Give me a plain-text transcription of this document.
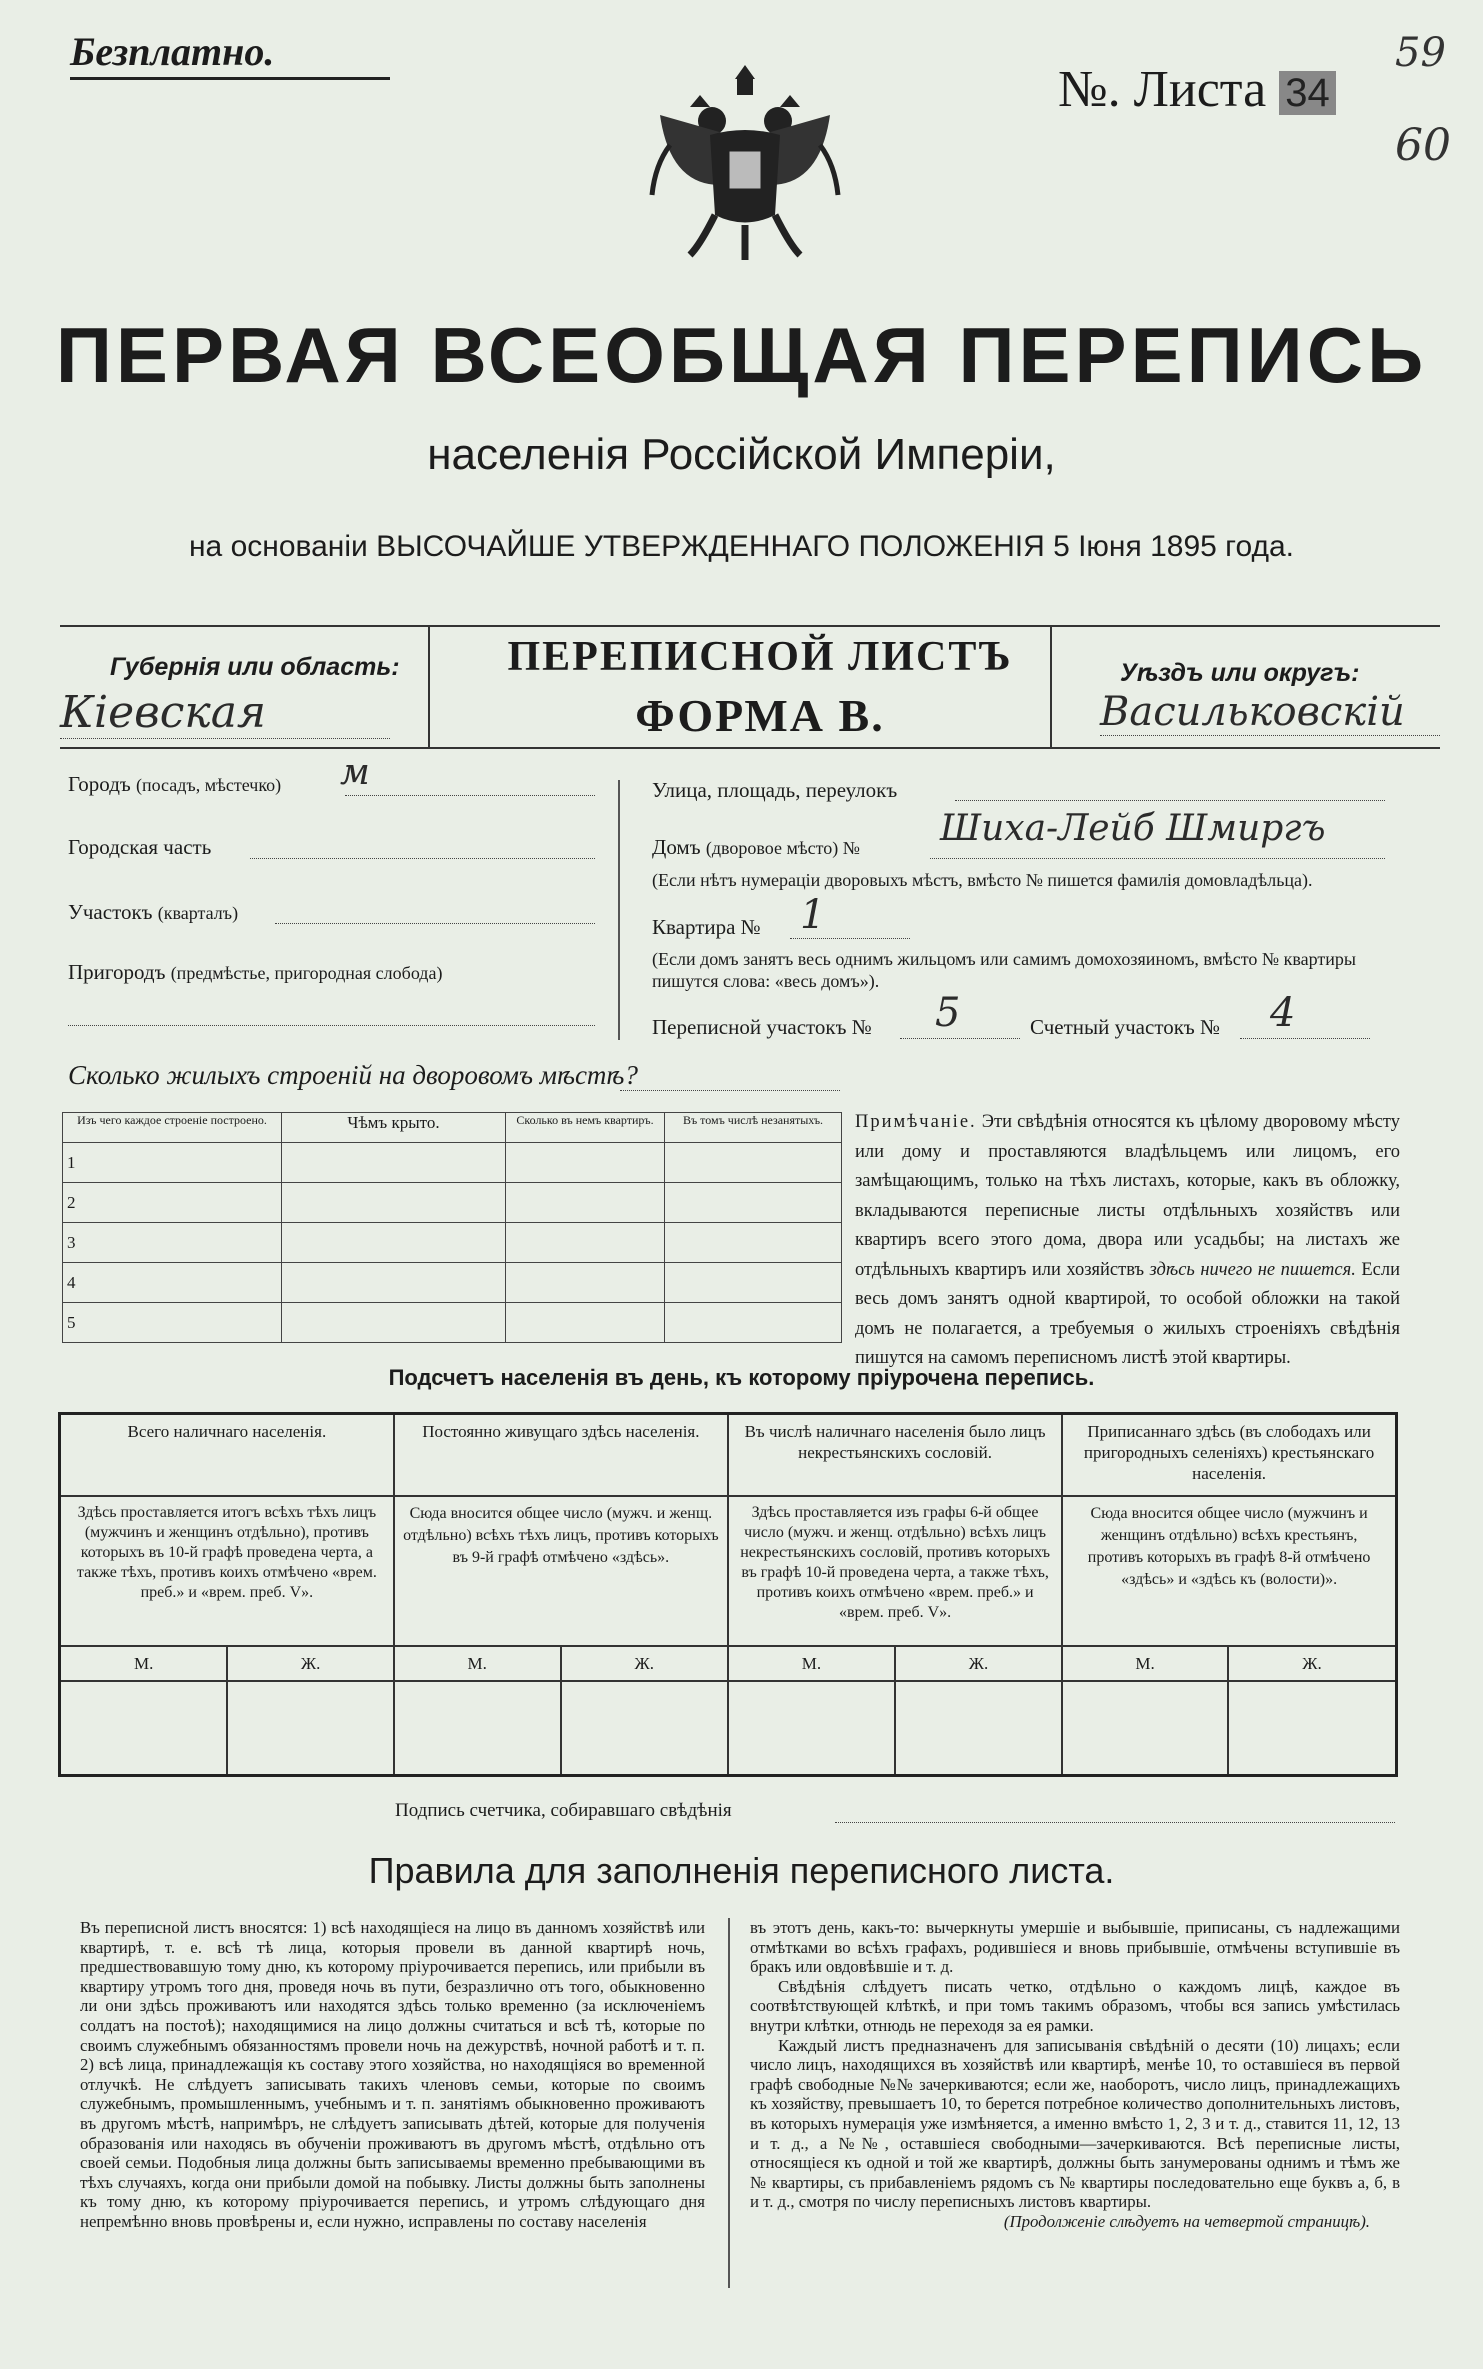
Безплатно.
№. Листа 34
59
60
ПЕРВАЯ ВСЕОБЩАЯ ПЕРЕПИСЬ
населенія Россійской Имперіи,
на основаніи ВЫСОЧАЙШЕ УТВЕРЖДЕННАГО ПОЛОЖЕНІЯ 5 Іюня 1895 года.
Губернія или область:
Кіевская
ПЕРЕПИСНОЙ ЛИСТЪ
ФОРМА В.
Уѣздъ или округъ:
Васильковскій
Городъ (посадъ, мѣстечко) м
Городская часть
Участокъ (кварталъ)
Пригородъ (предмѣстье, пригородная слобода)
Улица, площадь, переулокъ
Домъ (дворовое мѣсто) № Шиха-Лейб Шмиргъ
(Если нѣтъ нумераціи дворовыхъ мѣстъ, вмѣсто № пишется фамилія домовладѣльца).
Квартира № 1
(Если домъ занятъ весь однимъ жильцомъ или самимъ домохозяиномъ, вмѣсто № квартиры пишутся слова: «весь домъ»).
Переписной участокъ № 5	Счетный участокъ № 4
Сколько жилыхъ строеній на дворовомъ мѣстѣ?
Изъ чего каждое строеніе построено.	Чѣмъ крыто.	Сколько въ немъ квартиръ.	Въ томъ числѣ незанятыхъ.
1			
2			
3			
4			
5			
Примѣчаніе. Эти свѣдѣнія относятся къ цѣлому дворовому мѣсту или дому и проставляются владѣльцемъ или лицомъ, его замѣщающимъ, только на тѣхъ листахъ, которые, какъ въ обложку, вкладываются переписные листы отдѣльныхъ хозяйствъ или квартиръ всего этого дома, двора или усадьбы; на листахъ же отдѣльныхъ квартиръ или хозяйствъ здѣсь ничего не пишется. Если весь домъ занятъ одной квартирой, то особой обложки на такой домъ не полагается, а требуемыя о жилыхъ строеніяхъ свѣдѣнія пишутся на самомъ переписномъ листѣ этой квартиры.
Подсчетъ населенія въ день, къ которому пріурочена перепись.
Всего наличнаго населенія.		Постоянно живущаго здѣсь населенія.		Въ числѣ наличнаго населенія было лицъ некрестьянскихъ сословій.		Приписаннаго здѣсь (въ слободахъ или пригородныхъ селеніяхъ) крестьянскаго населенія.	
Здѣсь проставляется итогъ всѣхъ тѣхъ лицъ (мужчинъ и женщинъ отдѣльно), противъ которыхъ въ 10-й графѣ проведена черта, а также тѣхъ, противъ коихъ отмѣчено «врем. преб.» и «врем. преб. V».		Сюда вносится общее число (мужч. и женщ. отдѣльно) всѣхъ тѣхъ лицъ, противъ которыхъ въ 9-й графѣ отмѣчено «здѣсь».		Здѣсь проставляется изъ графы 6-й общее число (мужч. и женщ. отдѣльно) всѣхъ лицъ некрестьянскихъ сословій, противъ которыхъ въ графѣ 10-й проведена черта, а также тѣхъ, противъ коихъ отмѣчено «врем. преб.» и «врем. преб. V».		Сюда вносится общее число (мужчинъ и женщинъ отдѣльно) всѣхъ крестьянъ, противъ которыхъ въ графѣ 8-й отмѣчено «здѣсь» и «здѣсь къ (волости)».	
М.	Ж.	М.	Ж.	М.	Ж.	М.	Ж.

Подпись счетчика, собиравшаго свѣдѣнія
Правила для заполненія переписного листа.
Въ переписной листъ вносятся: 1) всѣ находящіеся на лицо въ данномъ хозяйствѣ или квартирѣ, т. е. всѣ тѣ лица, которыя провели въ данной квартирѣ ночь, предшествовавшую тому дню, къ которому пріурочивается перепись, или прибыли въ квартиру утромъ того дня, проведя ночь въ пути, безразлично отъ того, обыкновенно ли они здѣсь проживаютъ или находятся здѣсь только временно (за исключеніемъ солдатъ на постоѣ); находящимися на лицо должны считаться и всѣ тѣ, которые по своимъ служебнымъ обязанностямъ провели ночь на дежурствѣ, ночной работѣ и т. п. 2) всѣ лица, принадлежащія къ составу этого хозяйства, но находящіяся во временной отлучкѣ. Не слѣдуетъ записывать такихъ членовъ семьи, которые по своимъ служебнымъ, промышленнымъ, учебнымъ и т. п. занятіямъ обыкновенно проживаютъ въ другомъ мѣстѣ, напримѣръ, не слѣдуетъ записывать дѣтей, которые для полученія образованія или находясь въ обученіи проживаютъ въ другомъ мѣстѣ, отдѣльно отъ своей семьи. Подобныя лица должны быть записываемы временно пребывающими въ тѣхъ случаяхъ, когда они прибыли домой на побывку. Листы должны быть заполнены къ тому дню, къ которому пріурочивается перепись, и утромъ слѣдующаго дня непремѣнно вновь провѣрены и, если нужно, исправлены по составу населенія
въ этотъ день, какъ-то: вычеркнуты умершіе и выбывшіе, приписаны, съ надлежащими отмѣтками во всѣхъ графахъ, родившіеся и вновь прибывшіе, отмѣчены вступившіе въ бракъ или овдовѣвшіе и т. д.
Свѣдѣнія слѣдуетъ писать четко, отдѣльно о каждомъ лицѣ, каждое въ соотвѣтствующей клѣткѣ, и при томъ такимъ образомъ, чтобы вся запись умѣстилась внутри клѣтки, отнюдь не переходя за ея рамки.
Каждый листъ предназначенъ для записыванія свѣдѣній о десяти (10) лицахъ; если число лицъ, находящихся въ хозяйствѣ или квартирѣ, менѣе 10, то оставшіеся въ первой графѣ свободные №№ зачеркиваются; если же, наоборотъ, число лицъ, принадлежащихъ къ хозяйству, превышаетъ 10, то берется потребное количество дополнительныхъ листовъ, въ которыхъ нумерація уже измѣняется, а именно вмѣсто 1, 2, 3 и т. д., ставится 11, 12, 13 и т. д., а №№, оставшіеся свободными—зачеркиваются. Всѣ переписные листы, относящіеся къ одной и той же квартирѣ, должны быть занумерованы однимъ и тѣмъ же № квартиры, съ прибавленіемъ рядомъ съ № квартиры последовательно еще буквъ а, б, в и т. д., смотря по числу переписныхъ листовъ квартиры.
(Продолженіе слѣдуетъ на четвертой страницѣ).
